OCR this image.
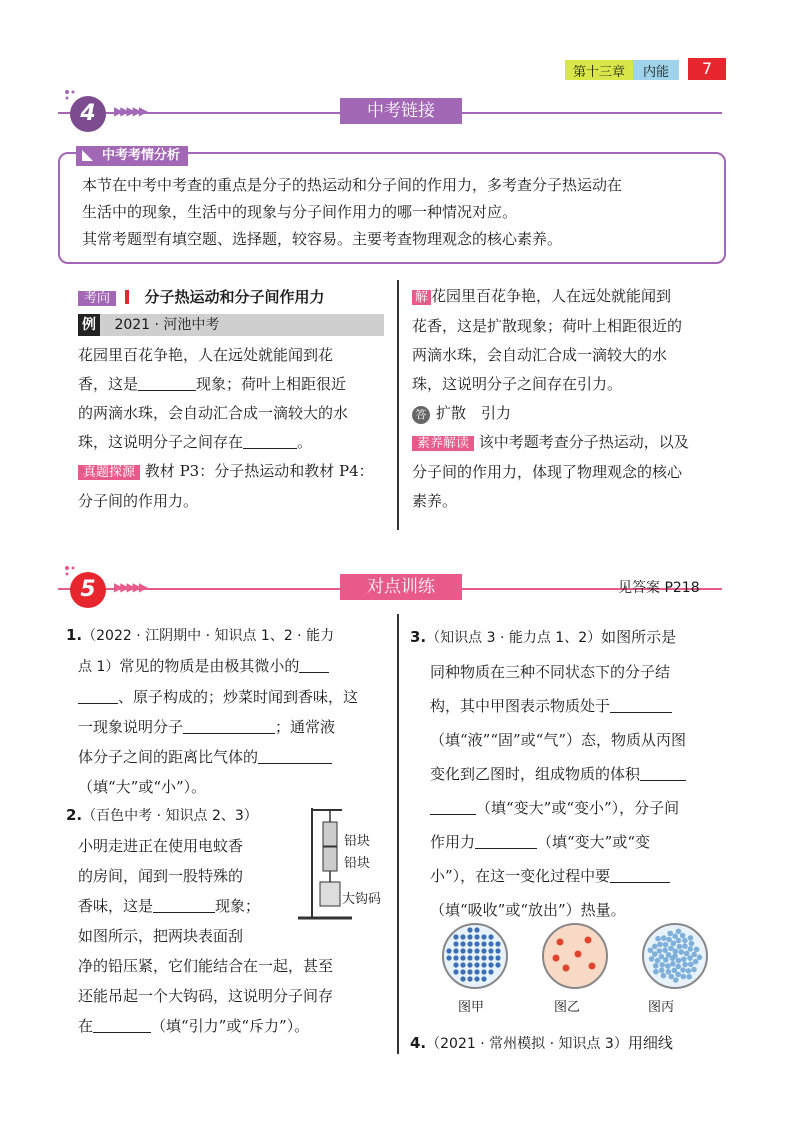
第十三章	内能	7
4	▶▶▶▶▶	中考链接
中考考情分析
本节在中考中考查的重点是分子的热运动和分子间的作用力，多考查分子热运动在
生活中的现象，生活中的现象与分子间作用力的哪一种情况对应。
其常考题型有填空题、选择题，较容易。主要考查物理观念的核心素养。
考向 分子热运动和分子间作用力
例 2021 · 河池中考
花园里百花争艳，人在远处就能闻到花
香，这是	现象；荷叶上相距很近
的两滴水珠，会自动汇合成一滴较大的水
珠，这说明分子之间存在	。
真题探源 教材 P3：分子热运动和教材 P4：
分子间的作用力。
解 花园里百花争艳，人在远处就能闻到
花香，这是扩散现象；荷叶上相距很近的
两滴水珠，会自动汇合成一滴较大的水
珠，这说明分子之间存在引力。
答 扩散　引力
素养解读 该中考题考查分子热运动，以及
分子间的作用力，体现了物理观念的核心
素养。
5	▶▶▶▶▶	对点训练	见答案 P218
1.（2022 · 江阴期中 · 知识点 1、2 · 能力
点 1）常见的物质是由极其微小的
、原子构成的；炒菜时闻到香味，这
一现象说明分子	；通常液
体分子之间的距离比气体的
（填“大”或“小”）。
2.（百色中考 · 知识点 2、3）
小明走进正在使用电蚊香
的房间，闻到一股特殊的
香味，这是	现象；
如图所示，把两块表面刮
净的铅压紧，它们能结合在一起，甚至
还能吊起一个大钩码，这说明分子间存
在	（填“引力”或“斥力”）。
铅块
铅块
大钩码
3.（知识点 3 · 能力点 1、2）如图所示是
同种物质在三种不同状态下的分子结
构，其中甲图表示物质处于
（填“液”“固”或“气”）态，物质从丙图
变化到乙图时，组成物质的体积
（填“变大”或“变小”），分子间
作用力	（填“变大”或“变
小”），在这一变化过程中要
（填“吸收”或“放出”）热量。
图甲	图乙	图丙
4.（2021 · 常州模拟 · 知识点 3）用细线
